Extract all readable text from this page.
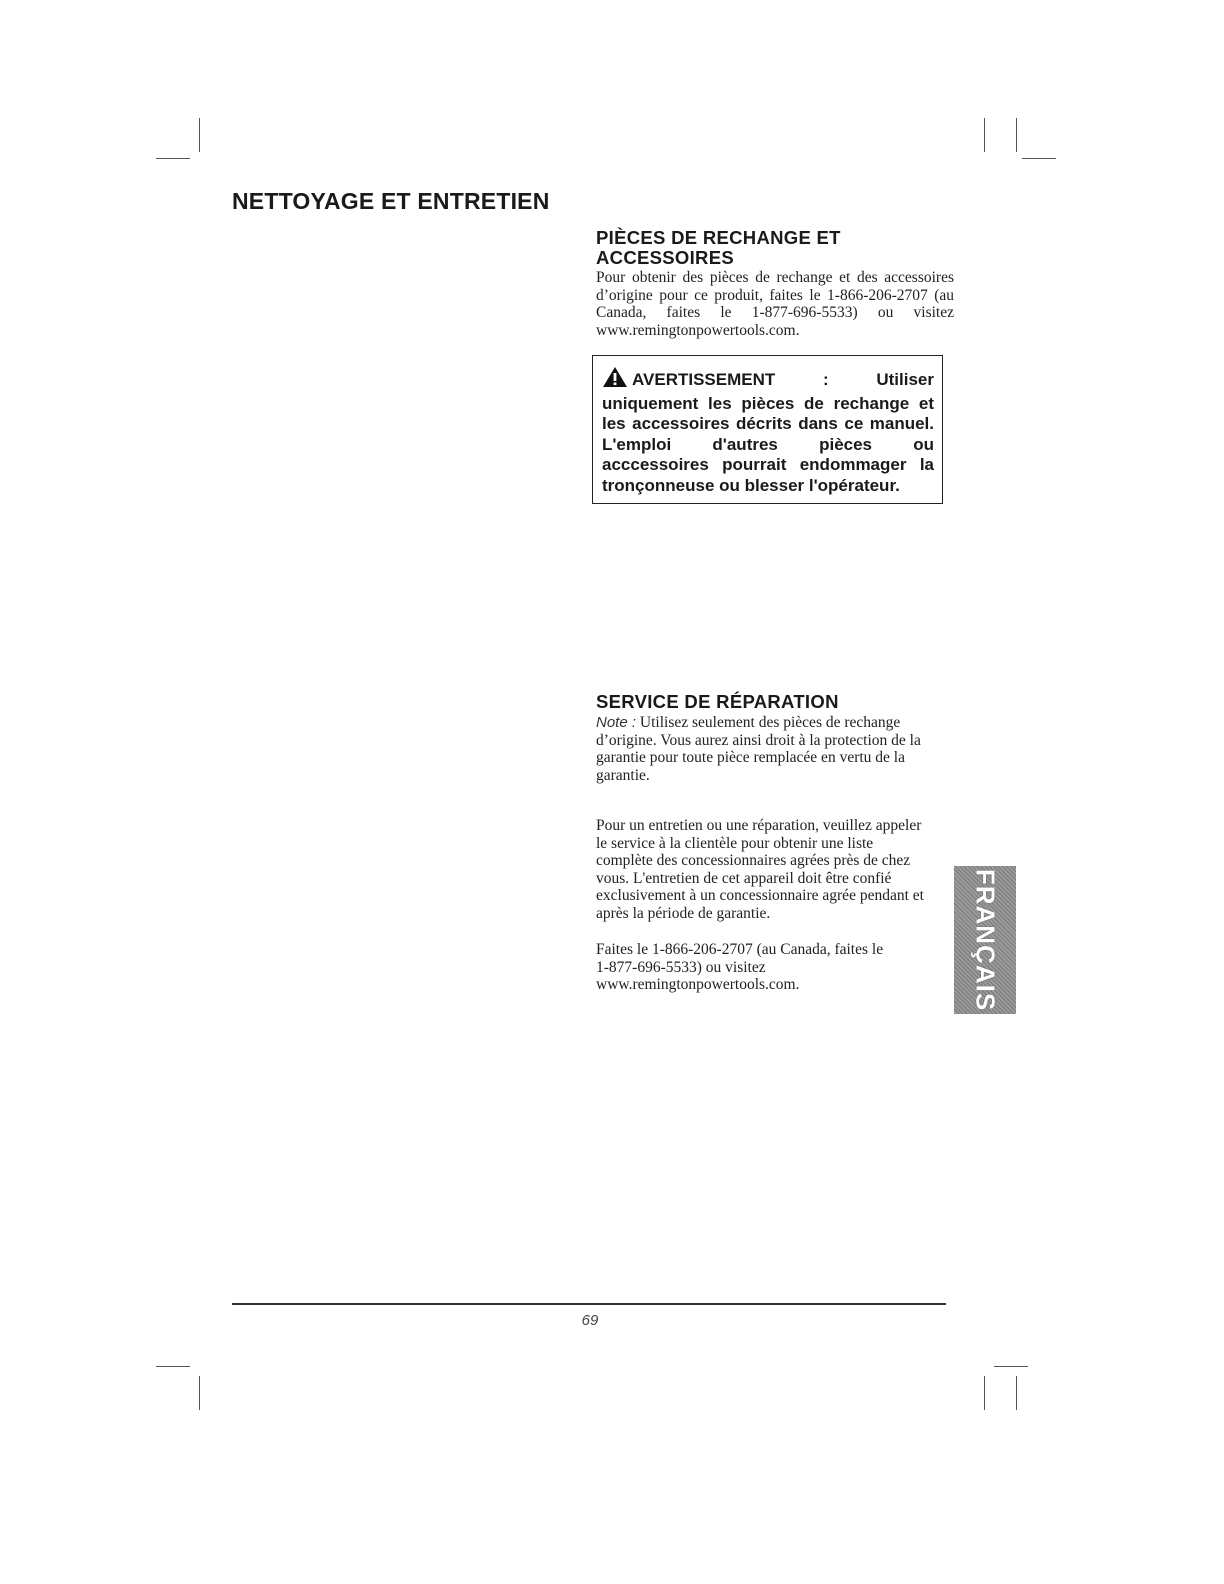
NETTOYAGE ET ENTRETIEN
PIÈCES DE RECHANGE ET
ACCESSOIRES

Pour obtenir des pièces de rechange et des accessoires d’origine pour ce produit, faites le 1-866-206-2707 (au Canada, faites le 1-877-696-5533) ou visitez www.remingtonpowertools.com.

AVERTISSEMENT : Utiliser uniquement les pièces de rechange et les accessoires décrits dans ce manuel. L'emploi d'autres pièces ou acccessoires pourrait endommager la tronçonneuse ou blesser l'opérateur.
SERVICE DE RÉPARATION

Note : Utilisez seulement des pièces de rechange d’origine. Vous aurez ainsi droit à la protection de la garantie pour toute pièce remplacée en vertu de la garantie.

Pour un entretien ou une réparation, veuillez appeler le service à la clientèle pour obtenir une liste complète des concessionnaires agrées près de chez vous. L'entretien de cet appareil doit être confié exclusivement à un concessionnaire agrée pendant et après la période de garantie.

Faites le 1-866-206-2707 (au Canada, faites le 1-877-696-5533) ou visitez www.remingtonpowertools.com.	FRANÇAIS
69
